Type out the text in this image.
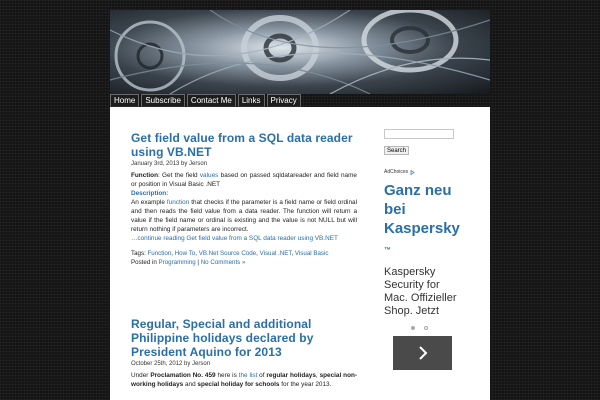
Home	Subscribe	Contact Me	Links	Privacy
Get field value from a SQL data reader using VB.NET
January 3rd, 2013 by Jerson
Function: Get the field values based on passed sqldatareader and field name or position in Visual Basic .NET
Description:
An example function that checks if the parameter is a field name or field ordinal and then reads the field value from a data reader. The function will return a value if the field name or ordinal is existing and the value is not NULL but will return nothing if parameters are incorrect.
…continue reading Get field value from a SQL data reader using VB.NET
Tags: Function, How To, VB.Net Source Code, Visual .NET, Visual Basic
Posted in Programming | No Comments »
Regular, Special and additional Philippine holidays declared by President Aquino for 2013
October 25th, 2012 by Jerson
Under Proclamation No. 459 here is the list of regular holidays, special non-working holidays and special holiday for schools for the year 2013.
Search
AdChoices
Ganz neu bei Kaspersky ™
Kaspersky Security for Mac. Offizieller Shop. Jetzt
